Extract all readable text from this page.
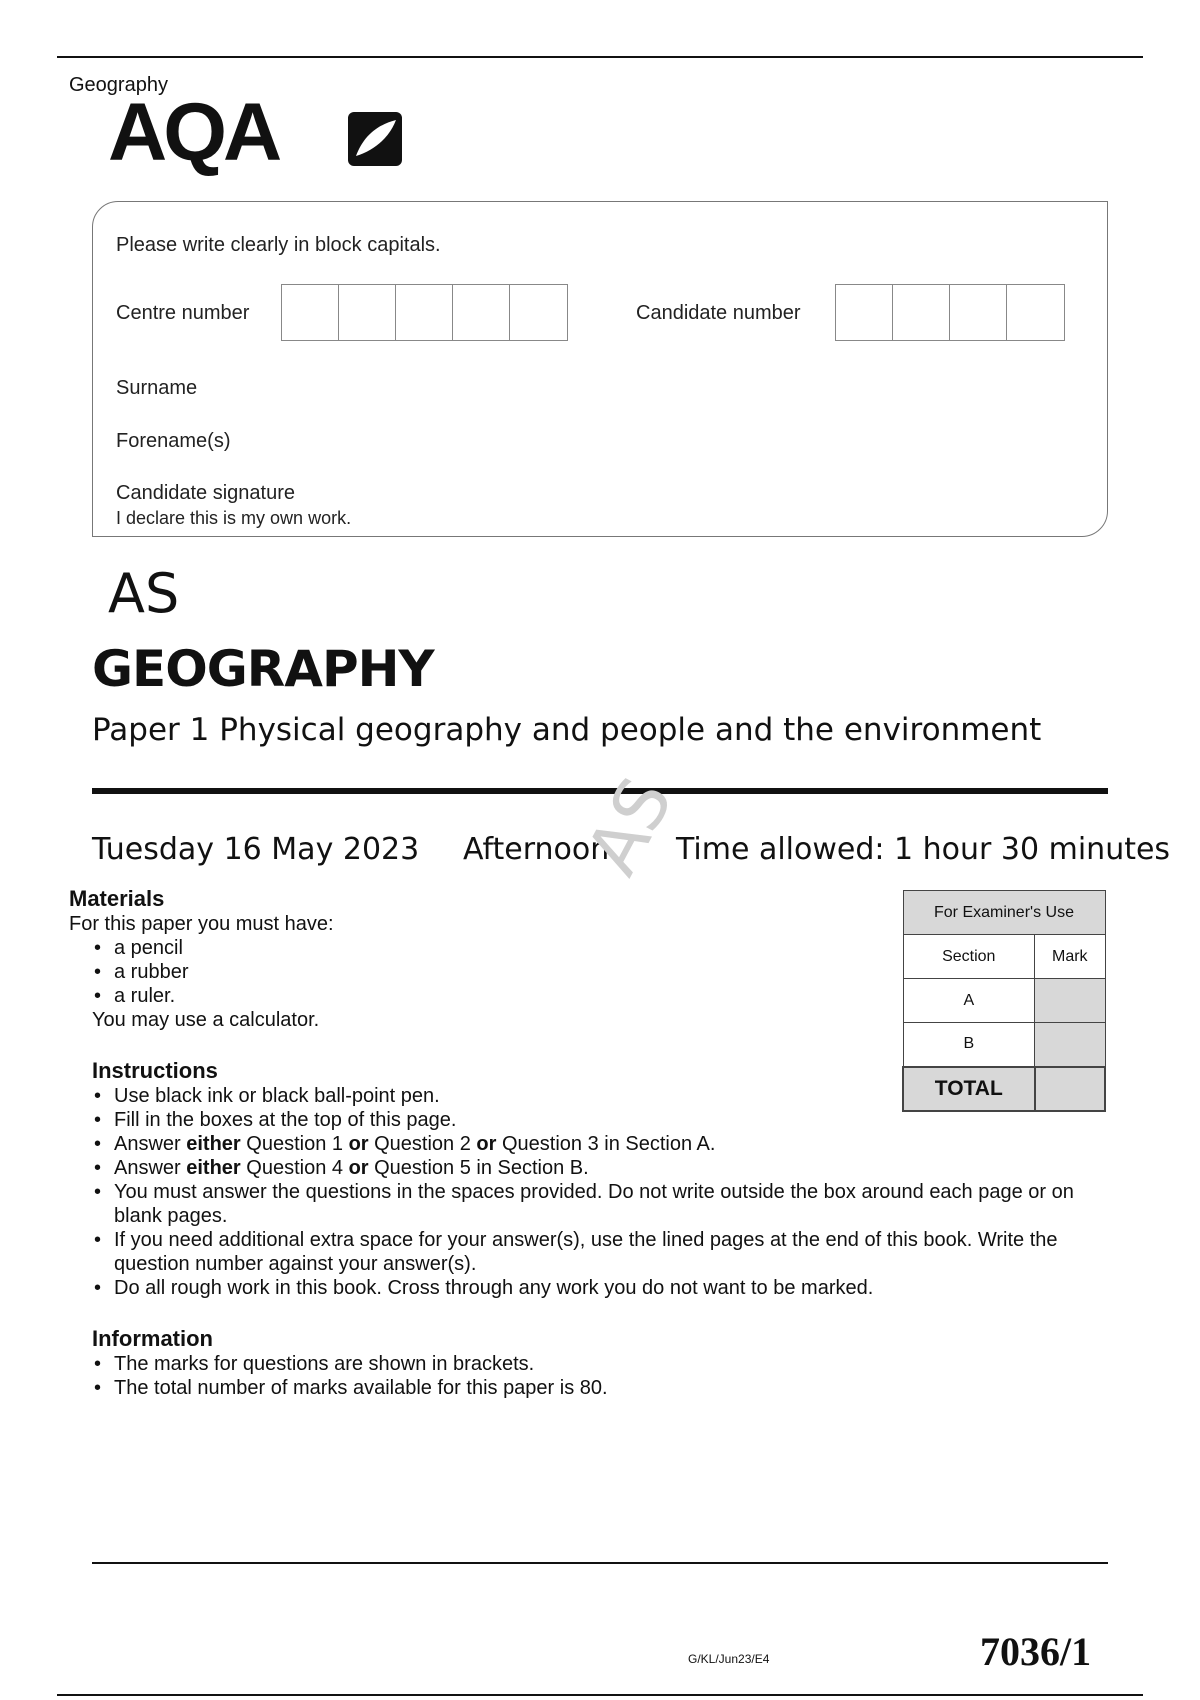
Geography
AQA
Please write clearly in block capitals.
Centre number	Candidate number
Surname
Forename(s)
Candidate signature
I declare this is my own work.
AS
GEOGRAPHY
Paper 1 Physical geography and people and the environment
Tuesday 16 May 2023 Afternoon Time allowed: 1 hour 30 minutes
AS
Materials
For this paper you must have:
• a pencil
• a rubber
• a ruler.
You may use a calculator.
Instructions
• Use black ink or black ball-point pen.
• Fill in the boxes at the top of this page.
• Answer either Question 1 or Question 2 or Question 3 in Section A.
• Answer either Question 4 or Question 5 in Section B.
• You must answer the questions in the spaces provided. Do not write outside the box around each page or on blank pages.
• If you need additional extra space for your answer(s), use the lined pages at the end of this book. Write the question number against your answer(s).
• Do all rough work in this book. Cross through any work you do not want to be marked.
Information
• The marks for questions are shown in brackets.
• The total number of marks available for this paper is 80.
For Examiner's Use	
Section	Mark
A	
B	
TOTAL	
G/KL/Jun23/E4	7036/1
